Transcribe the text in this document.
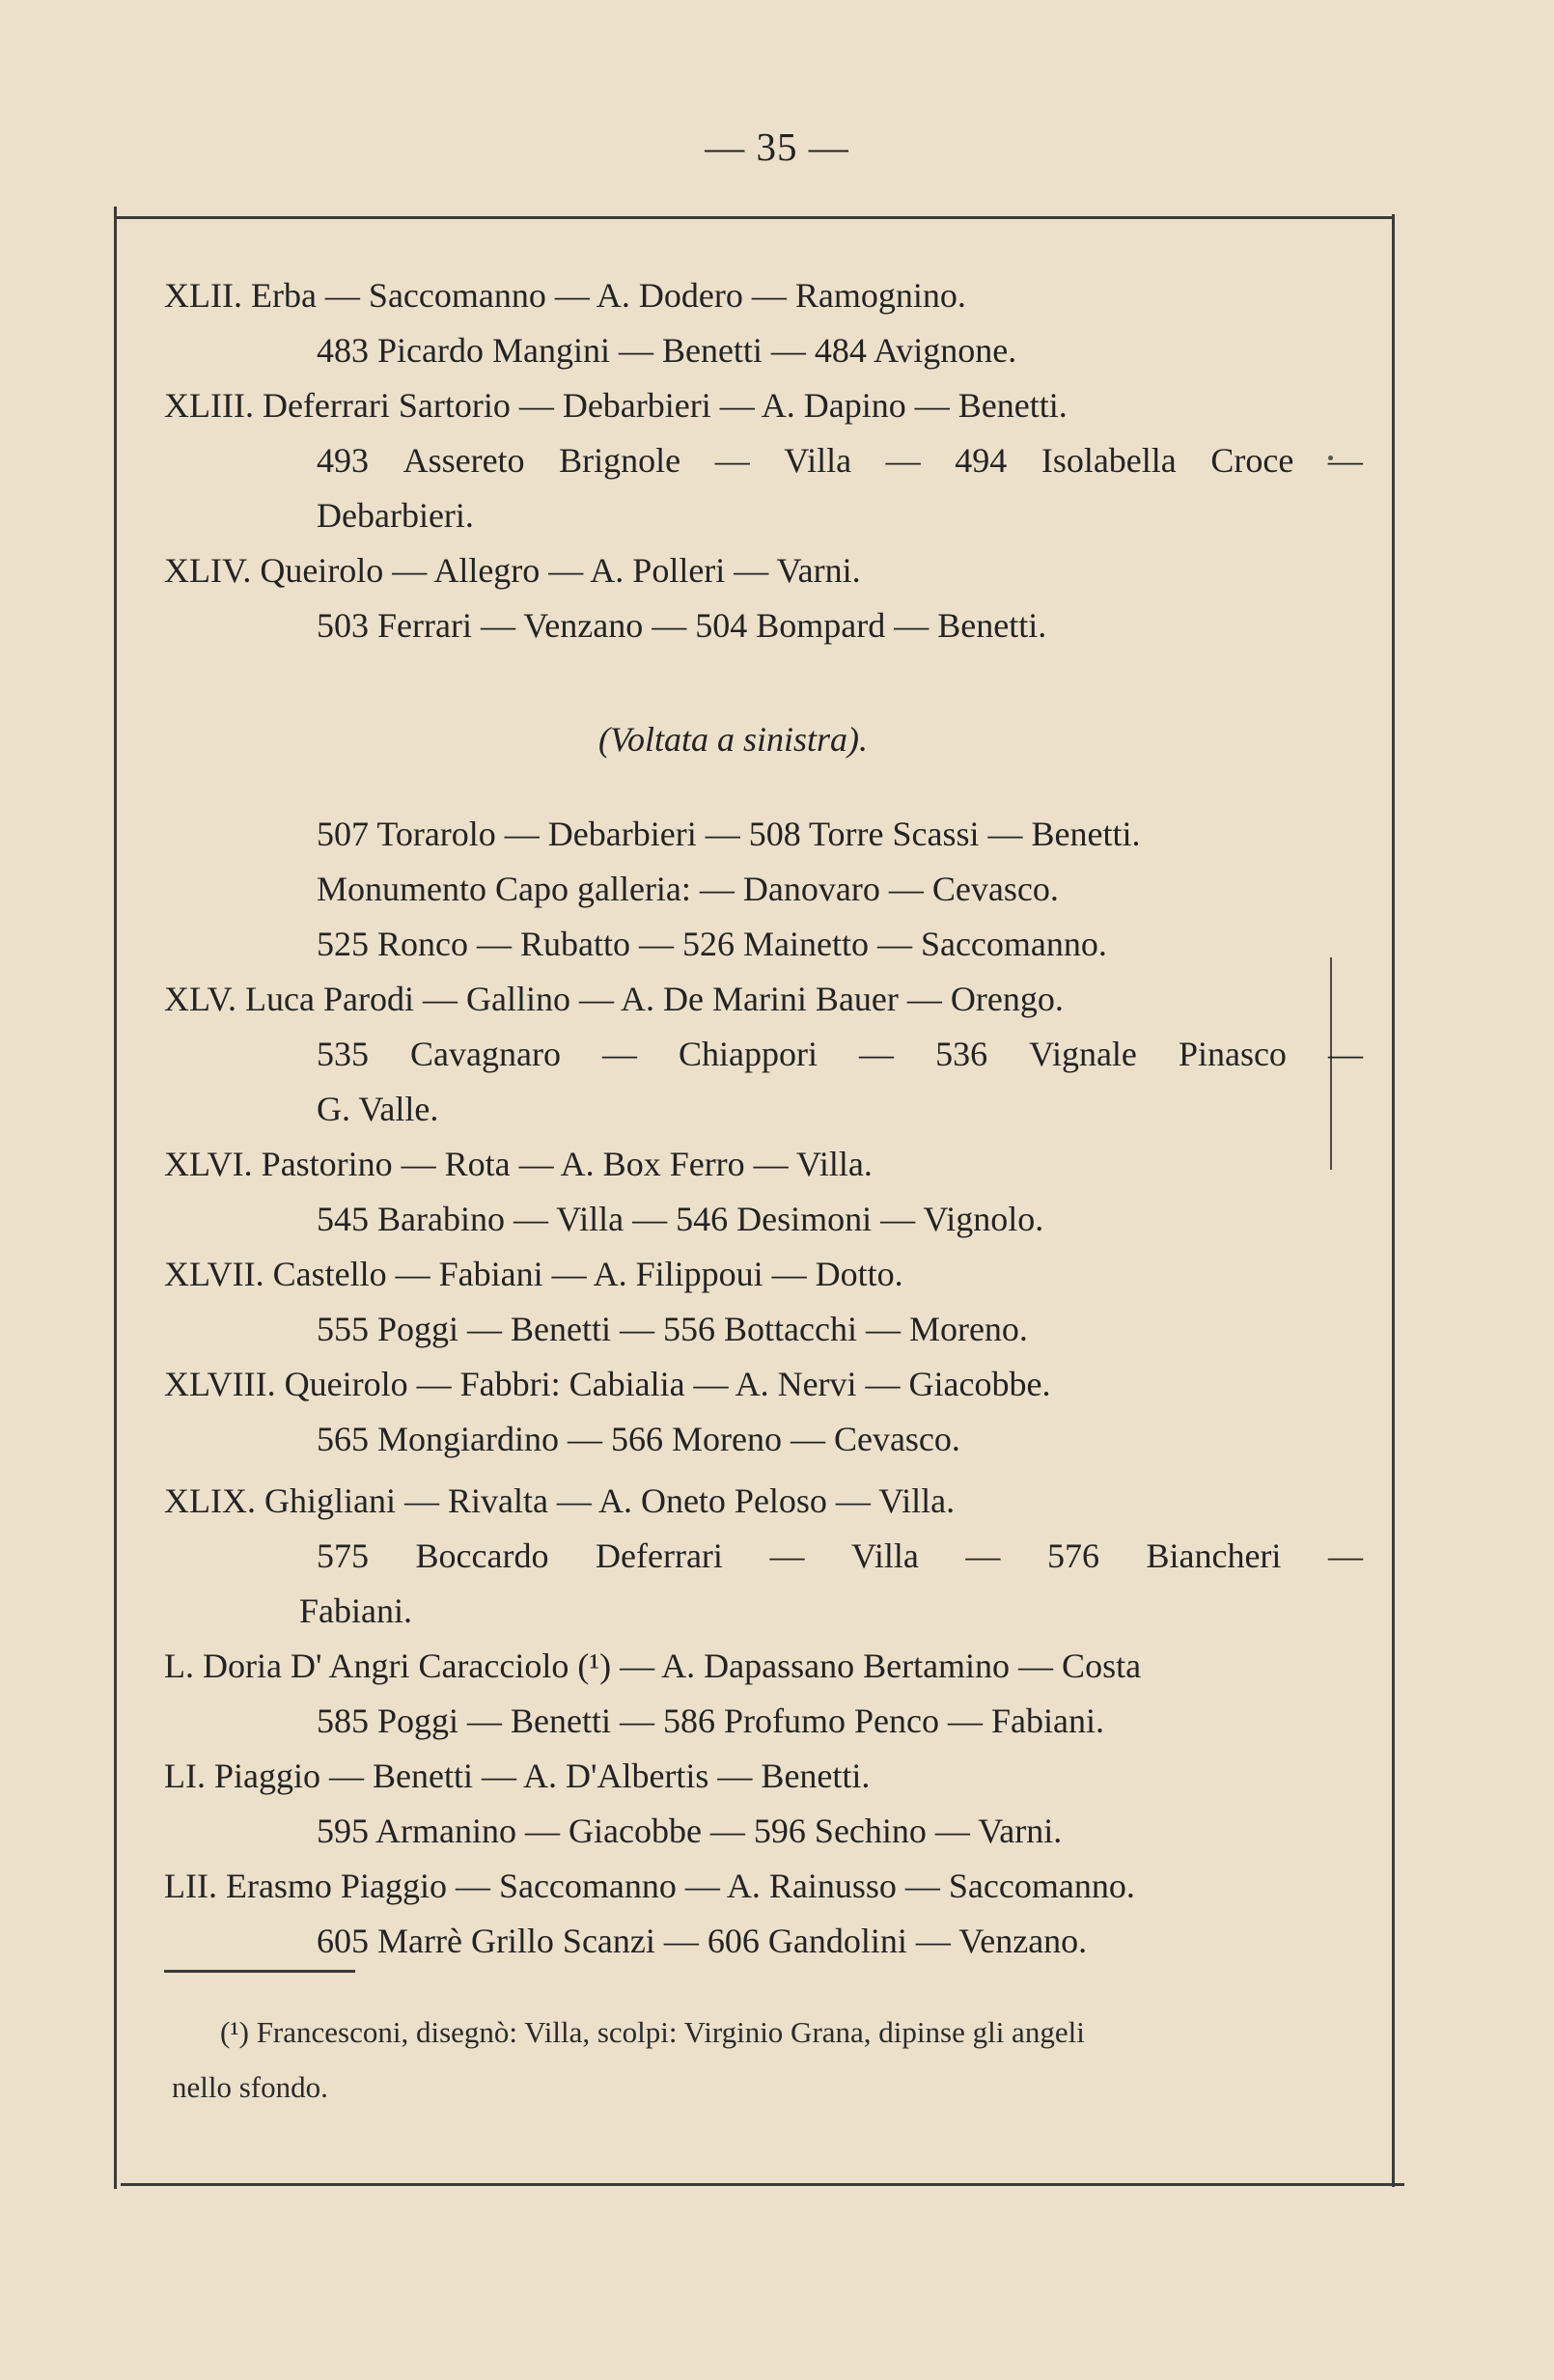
— 35 —
XLII. Erba — Saccomanno — A. Dodero — Ramognino.
483 Picardo Mangini — Benetti — 484 Avignone.
XLIII. Deferrari Sartorio — Debarbieri — A. Dapino — Benetti.
493 Assereto Brignole — Villa — 494 Isolabella Croce —
Debarbieri.
XLIV. Queirolo — Allegro — A. Polleri — Varni.
503 Ferrari — Venzano — 504 Bompard — Benetti.
(Voltata a sinistra).
507 Torarolo — Debarbieri — 508 Torre Scassi — Benetti.
Monumento Capo galleria: — Danovaro — Cevasco.
525 Ronco — Rubatto — 526 Mainetto — Saccomanno.
XLV. Luca Parodi — Gallino — A. De Marini Bauer — Orengo.
535 Cavagnaro — Chiappori — 536 Vignale Pinasco —
G. Valle.
XLVI. Pastorino — Rota — A. Box Ferro — Villa.
545 Barabino — Villa — 546 Desimoni — Vignolo.
XLVII. Castello — Fabiani — A. Filippoui — Dotto.
555 Poggi — Benetti — 556 Bottacchi — Moreno.
XLVIII. Queirolo — Fabbri: Cabialia — A. Nervi — Giacobbe.
565 Mongiardino — 566 Moreno — Cevasco.
XLIX. Ghigliani — Rivalta — A. Oneto Peloso — Villa.
575 Boccardo Deferrari — Villa — 576 Biancheri —
Fabiani.
L. Doria D' Angri Caracciolo (¹) — A. Dapassano Bertamino — Costa
585 Poggi — Benetti — 586 Profumo Penco — Fabiani.
LI. Piaggio — Benetti — A. D'Albertis — Benetti.
595 Armanino — Giacobbe — 596 Sechino — Varni.
LII. Erasmo Piaggio — Saccomanno — A. Rainusso — Saccomanno.
605 Marrè Grillo Scanzi — 606 Gandolini — Venzano.
(¹) Francesconi, disegnò: Villa, scolpi: Virginio Grana, dipinse gli angeli
nello sfondo.
